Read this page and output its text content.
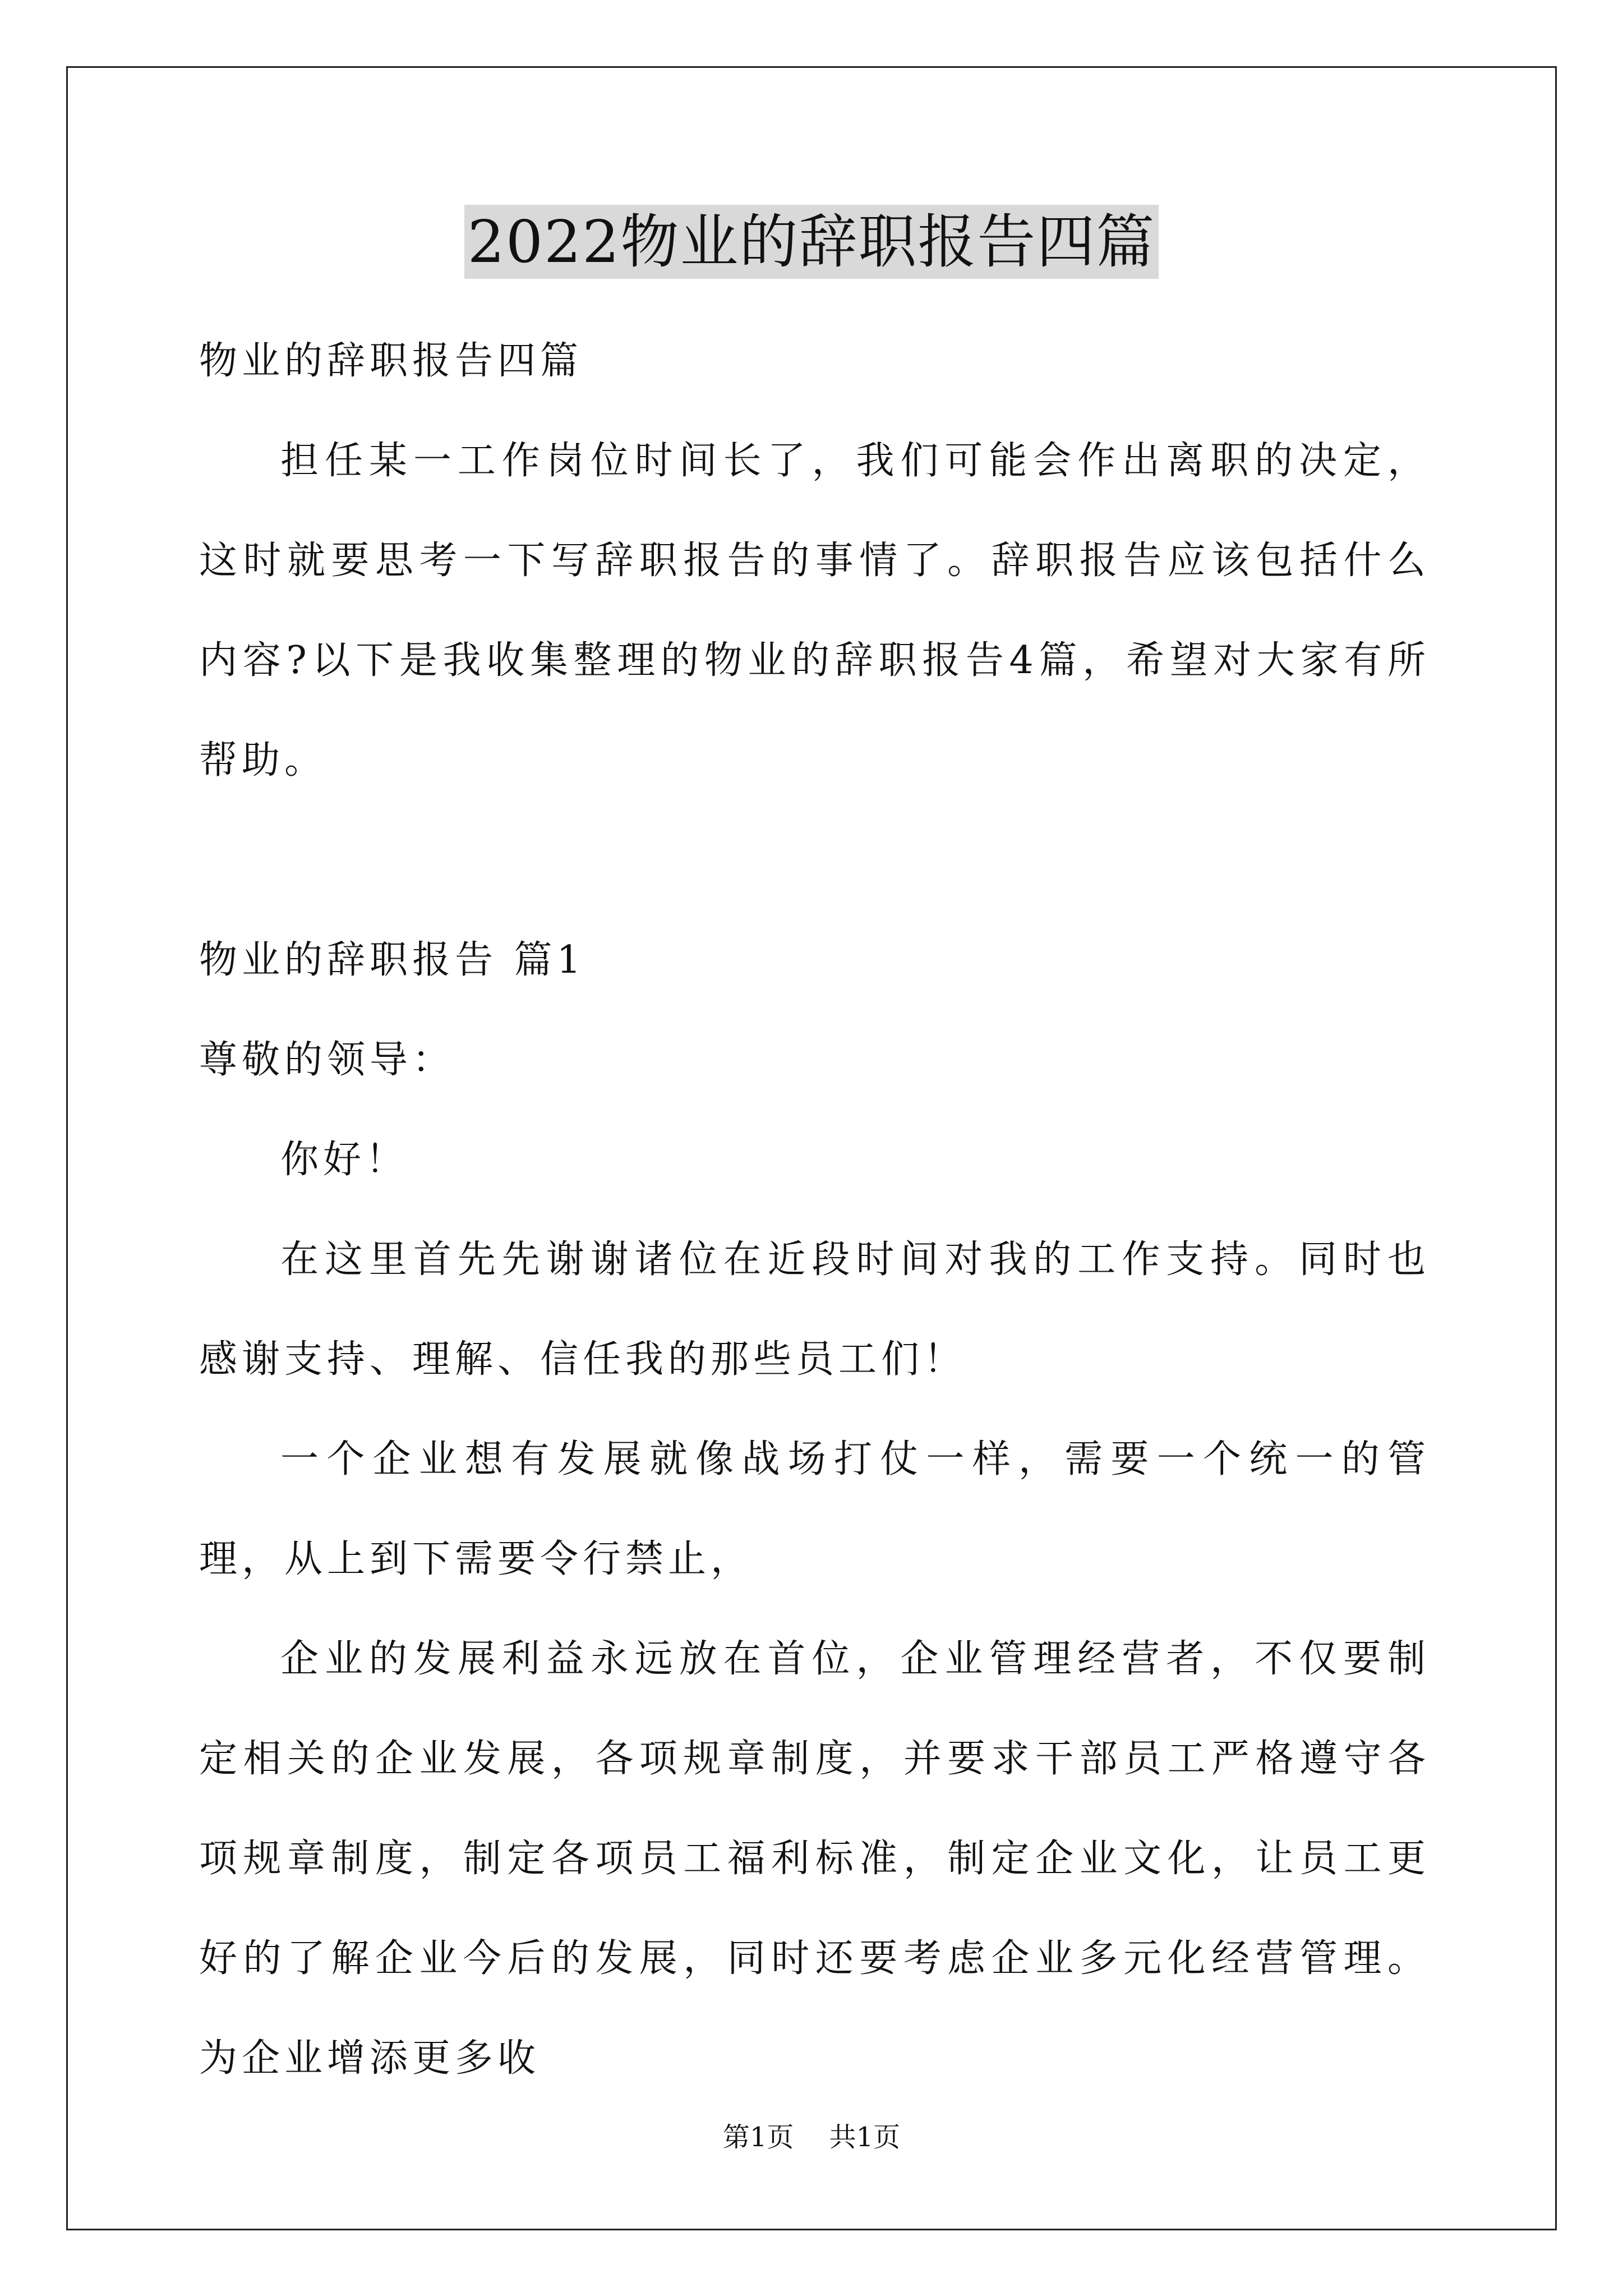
2022物业的辞职报告四篇

物业的辞职报告四篇

担任某一工作岗位时间长了，我们可能会作出离职的决定，这时就要思考一下写辞职报告的事情了。辞职报告应该包括什么内容?以下是我收集整理的物业的辞职报告4篇，希望对大家有所帮助。

物业的辞职报告 篇1

尊敬的领导：

你好！

在这里首先先谢谢诸位在近段时间对我的工作支持。同时也感谢支持、理解、信任我的那些员工们！

一个企业想有发展就像战场打仗一样，需要一个统一的管理，从上到下需要令行禁止，

企业的发展利益永远放在首位，企业管理经营者，不仅要制定相关的企业发展，各项规章制度，并要求干部员工严格遵守各项规章制度，制定各项员工福利标准，制定企业文化，让员工更好的了解企业今后的发展，同时还要考虑企业多元化经营管理。为企业增添更多收

第1页 共1页
